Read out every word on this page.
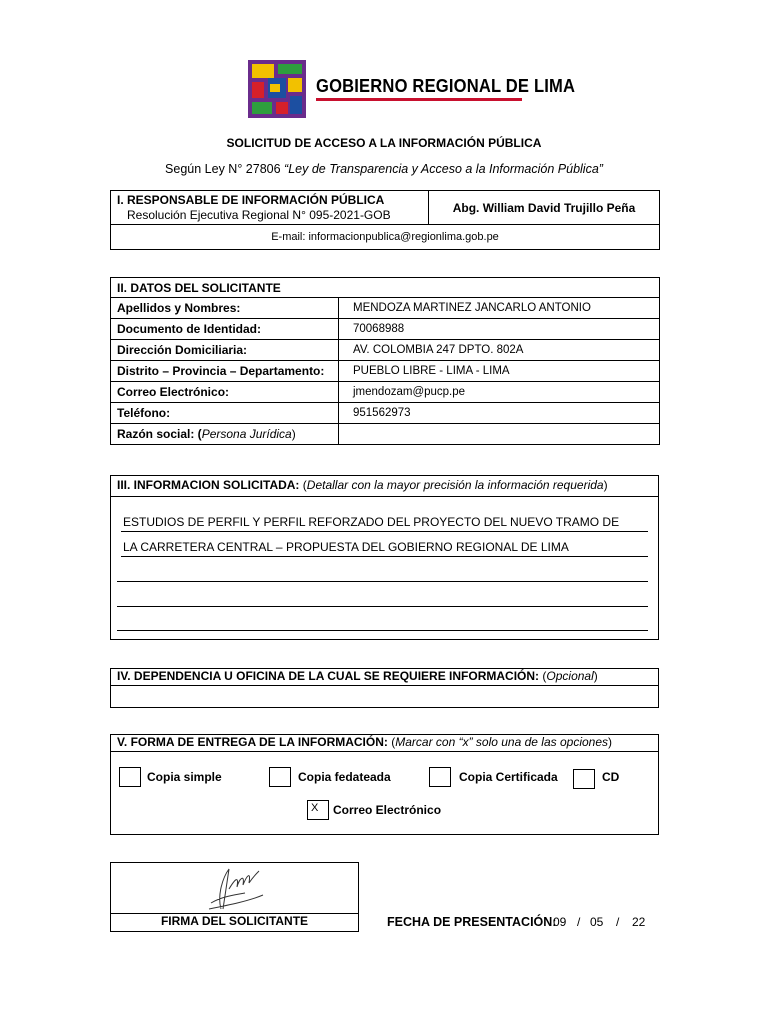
GOBIERNO REGIONAL DE LIMA
SOLICITUD DE ACCESO A LA INFORMACIÓN PÚBLICA
Según Ley N° 27806 “Ley de Transparencia y Acceso a la Información Pública”
I. RESPONSABLE DE INFORMACIÓN PÚBLICA
Resolución Ejecutiva Regional N° 095-2021-GOB
	Abg. William David Trujillo Peña
E-mail: informacionpublica@regionlima.gob.pe
II. DATOS DEL SOLICITANTE	
Apellidos y Nombres:	MENDOZA MARTINEZ JANCARLO ANTONIO
Documento de Identidad:	70068988
Dirección Domiciliaria:	AV. COLOMBIA 247 DPTO. 802A
Distrito – Provincia – Departamento:	PUEBLO LIBRE - LIMA - LIMA
Correo Electrónico:	jmendozam@pucp.pe
Teléfono:	951562973
Razón social: (Persona Jurídica)	
III. INFORMACION SOLICITADA: (Detallar con la mayor precisión la información requerida)
ESTUDIOS DE PERFIL Y PERFIL REFORZADO DEL PROYECTO DEL NUEVO TRAMO DE
LA CARRETERA CENTRAL – PROPUESTA DEL GOBIERNO REGIONAL DE LIMA
IV. DEPENDENCIA U OFICINA DE LA CUAL SE REQUIERE INFORMACIÓN: (Opcional)
V. FORMA DE ENTREGA DE LA INFORMACIÓN: (Marcar con “x” solo una de las opciones)
Copia simple	Copia fedateada	Copia Certificada	CD
X	Correo Electrónico
FIRMA DEL SOLICITANTE	FECHA DE PRESENTACIÓN:
09 / 05 / 22
